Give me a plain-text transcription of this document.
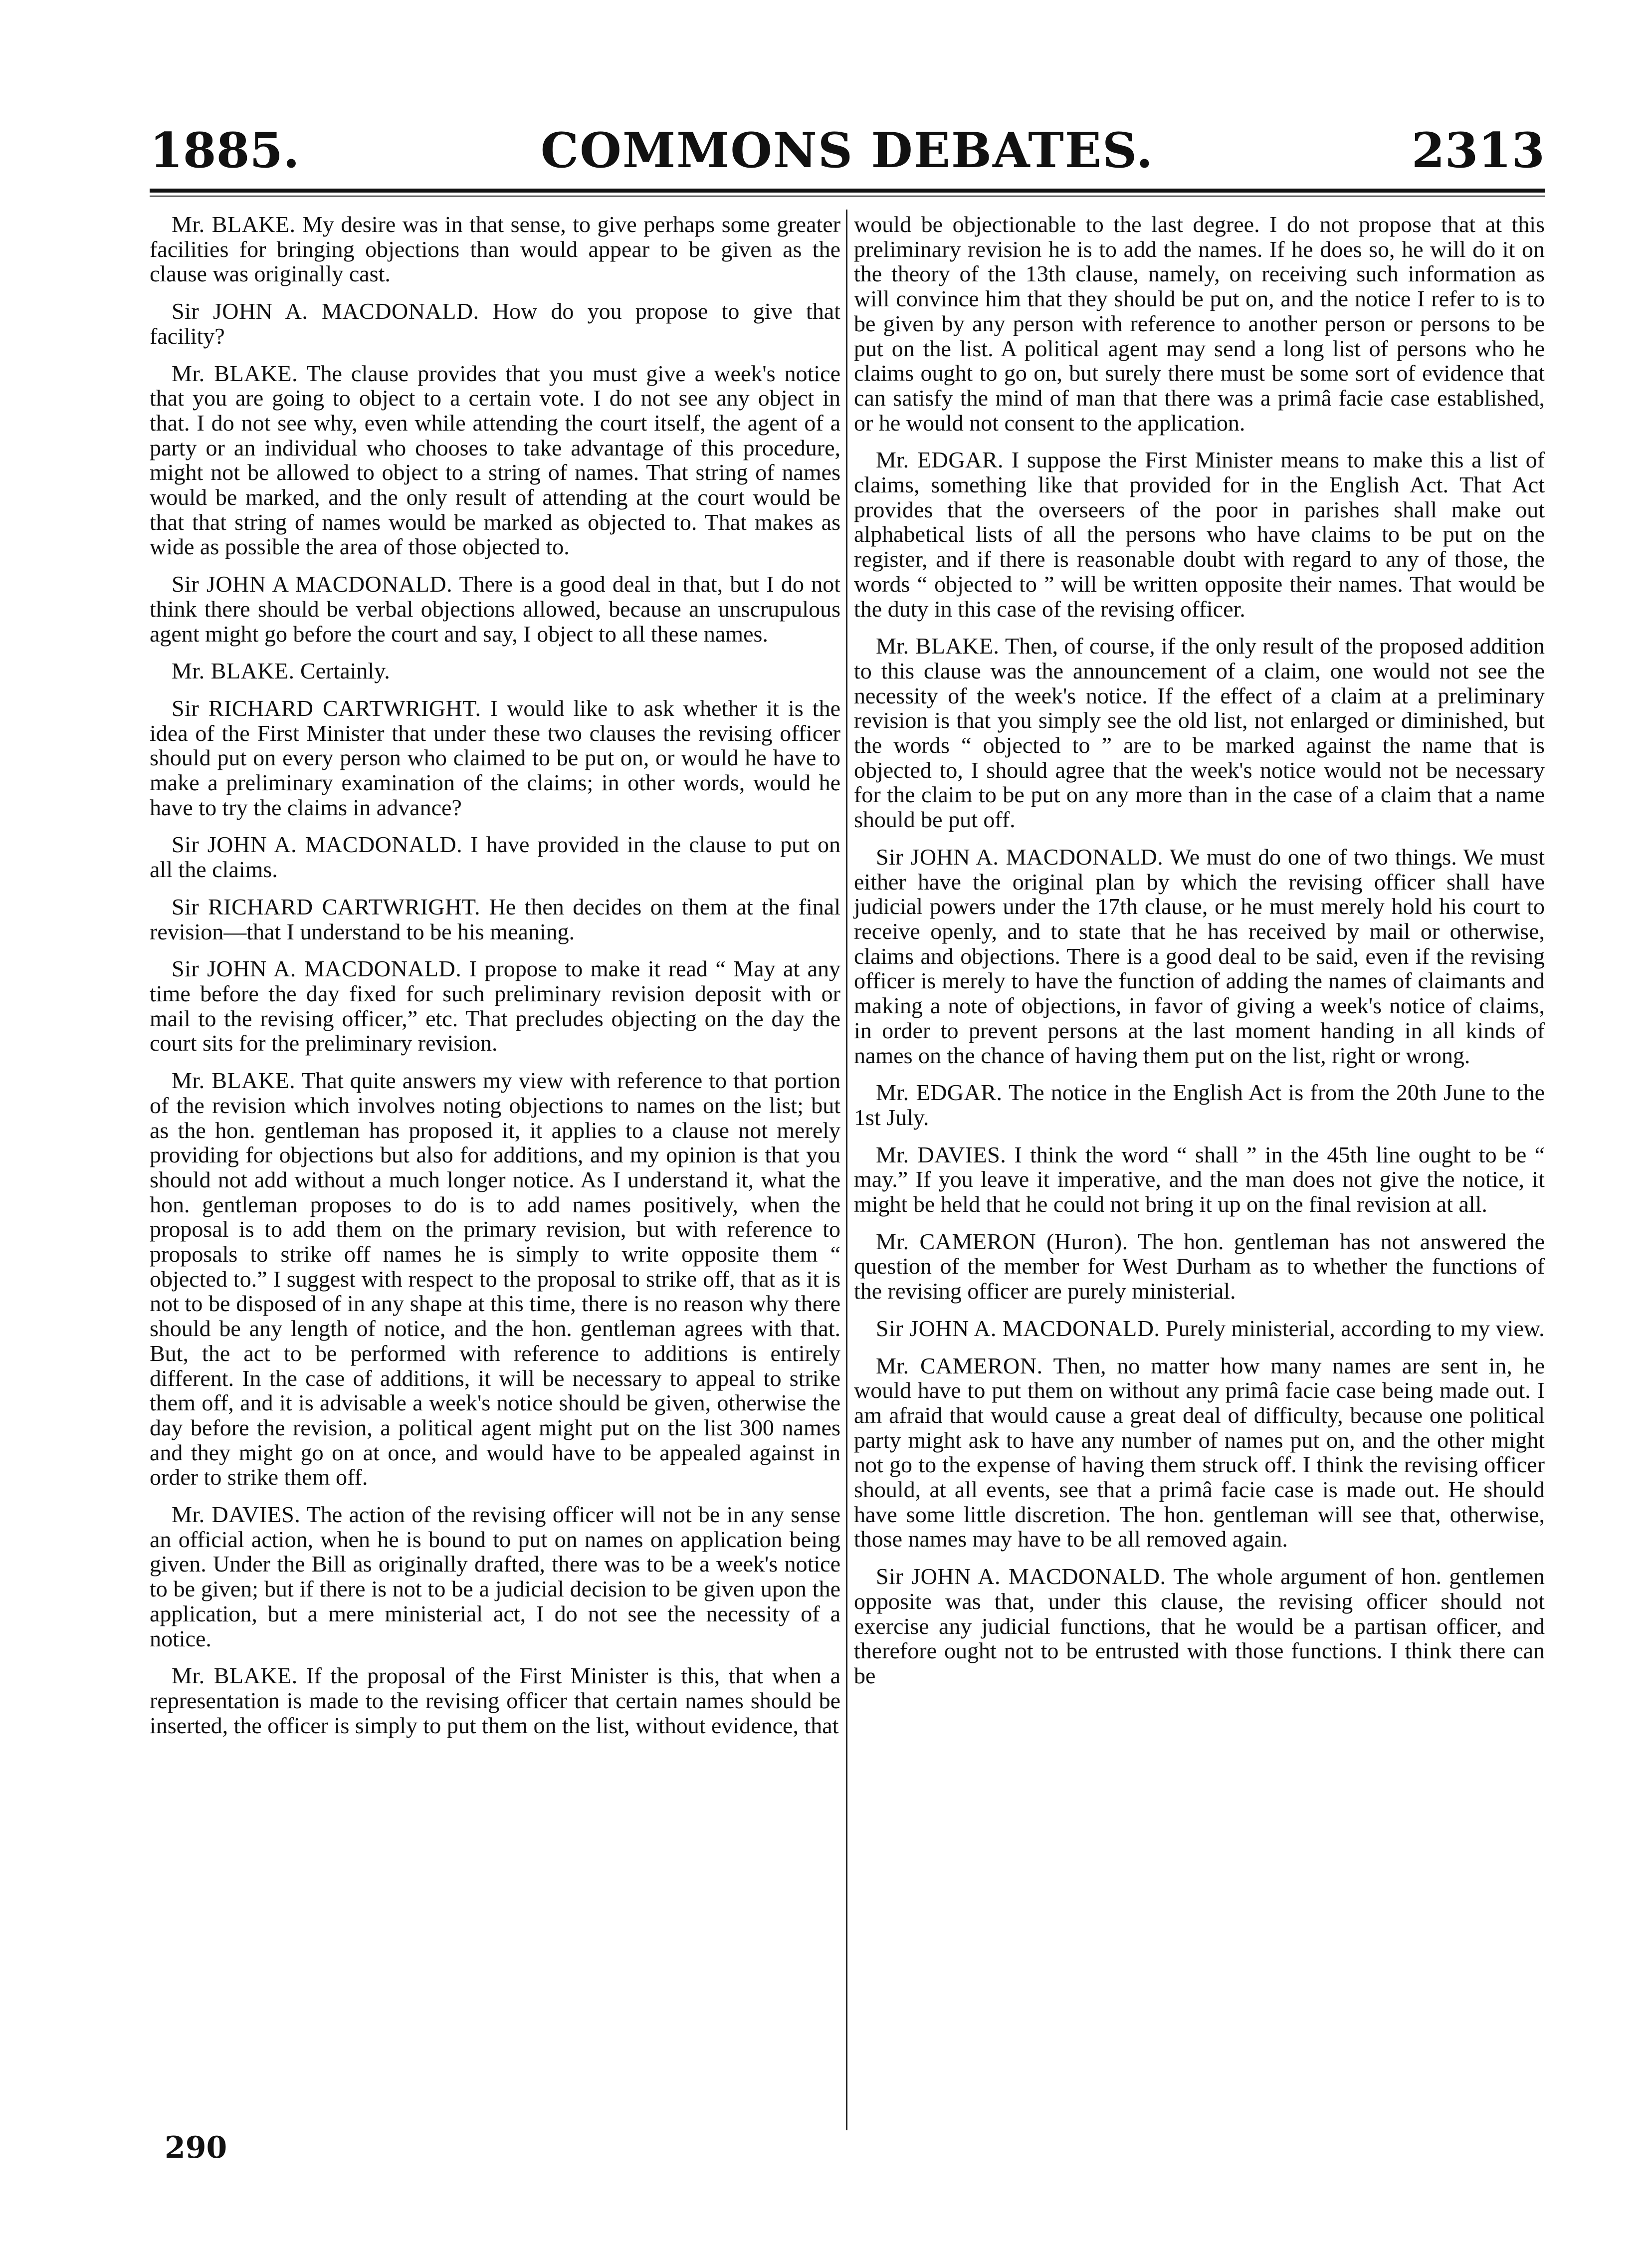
1885.	COMMONS DEBATES.	2313

Mr. BLAKE. My desire was in that sense, to give perhaps some greater facilities for bringing objections than would appear to be given as the clause was originally cast.

Sir JOHN A. MACDONALD. How do you propose to give that facility?

Mr. BLAKE. The clause provides that you must give a week's notice that you are going to object to a certain vote. I do not see any object in that. I do not see why, even while attending the court itself, the agent of a party or an individual who chooses to take advantage of this procedure, might not be allowed to object to a string of names. That string of names would be marked, and the only result of attending at the court would be that that string of names would be marked as objected to. That makes as wide as possible the area of those objected to.

Sir JOHN A MACDONALD. There is a good deal in that, but I do not think there should be verbal objections allowed, because an unscrupulous agent might go before the court and say, I object to all these names.

Mr. BLAKE. Certainly.

Sir RICHARD CARTWRIGHT. I would like to ask whether it is the idea of the First Minister that under these two clauses the revising officer should put on every person who claimed to be put on, or would he have to make a preliminary examination of the claims; in other words, would he have to try the claims in advance?

Sir JOHN A. MACDONALD. I have provided in the clause to put on all the claims.

Sir RICHARD CARTWRIGHT. He then decides on them at the final revision—that I understand to be his meaning.

Sir JOHN A. MACDONALD. I propose to make it read “ May at any time before the day fixed for such preliminary revision deposit with or mail to the revising officer,” etc. That precludes objecting on the day the court sits for the preliminary revision.

Mr. BLAKE. That quite answers my view with reference to that portion of the revision which involves noting objections to names on the list; but as the hon. gentleman has proposed it, it applies to a clause not merely providing for objections but also for additions, and my opinion is that you should not add without a much longer notice. As I understand it, what the hon. gentleman proposes to do is to add names positively, when the proposal is to add them on the primary revision, but with reference to proposals to strike off names he is simply to write opposite them “ objected to.” I suggest with respect to the proposal to strike off, that as it is not to be disposed of in any shape at this time, there is no reason why there should be any length of notice, and the hon. gentleman agrees with that. But, the act to be performed with reference to additions is entirely different. In the case of additions, it will be necessary to appeal to strike them off, and it is advisable a week's notice should be given, otherwise the day before the revision, a political agent might put on the list 300 names and they might go on at once, and would have to be appealed against in order to strike them off.

Mr. DAVIES. The action of the revising officer will not be in any sense an official action, when he is bound to put on names on application being given. Under the Bill as originally drafted, there was to be a week's notice to be given; but if there is not to be a judicial decision to be given upon the application, but a mere ministerial act, I do not see the necessity of a notice.

Mr. BLAKE. If the proposal of the First Minister is this, that when a representation is made to the revising officer that certain names should be inserted, the officer is simply to put them on the list, without evidence, that

would be objectionable to the last degree. I do not propose that at this preliminary revision he is to add the names. If he does so, he will do it on the theory of the 13th clause, namely, on receiving such information as will convince him that they should be put on, and the notice I refer to is to be given by any person with reference to another person or persons to be put on the list. A political agent may send a long list of persons who he claims ought to go on, but surely there must be some sort of evidence that can satisfy the mind of man that there was a primâ facie case established, or he would not consent to the application.

Mr. EDGAR. I suppose the First Minister means to make this a list of claims, something like that provided for in the English Act. That Act provides that the overseers of the poor in parishes shall make out alphabetical lists of all the persons who have claims to be put on the register, and if there is reasonable doubt with regard to any of those, the words “ objected to ” will be written opposite their names. That would be the duty in this case of the revising officer.

Mr. BLAKE. Then, of course, if the only result of the proposed addition to this clause was the announcement of a claim, one would not see the necessity of the week's notice. If the effect of a claim at a preliminary revision is that you simply see the old list, not enlarged or diminished, but the words “ objected to ” are to be marked against the name that is objected to, I should agree that the week's notice would not be necessary for the claim to be put on any more than in the case of a claim that a name should be put off.

Sir JOHN A. MACDONALD. We must do one of two things. We must either have the original plan by which the revising officer shall have judicial powers under the 17th clause, or he must merely hold his court to receive openly, and to state that he has received by mail or otherwise, claims and objections. There is a good deal to be said, even if the revising officer is merely to have the function of adding the names of claimants and making a note of objections, in favor of giving a week's notice of claims, in order to prevent persons at the last moment handing in all kinds of names on the chance of having them put on the list, right or wrong.

Mr. EDGAR. The notice in the English Act is from the 20th June to the 1st July.

Mr. DAVIES. I think the word “ shall ” in the 45th line ought to be “ may.” If you leave it imperative, and the man does not give the notice, it might be held that he could not bring it up on the final revision at all.

Mr. CAMERON (Huron). The hon. gentleman has not answered the question of the member for West Durham as to whether the functions of the revising officer are purely ministerial.

Sir JOHN A. MACDONALD. Purely ministerial, according to my view.

Mr. CAMERON. Then, no matter how many names are sent in, he would have to put them on without any primâ facie case being made out. I am afraid that would cause a great deal of difficulty, because one political party might ask to have any number of names put on, and the other might not go to the expense of having them struck off. I think the revising officer should, at all events, see that a primâ facie case is made out. He should have some little discretion. The hon. gentleman will see that, otherwise, those names may have to be all removed again.

Sir JOHN A. MACDONALD. The whole argument of hon. gentlemen opposite was that, under this clause, the revising officer should not exercise any judicial functions, that he would be a partisan officer, and therefore ought not to be entrusted with those functions. I think there can be

290
